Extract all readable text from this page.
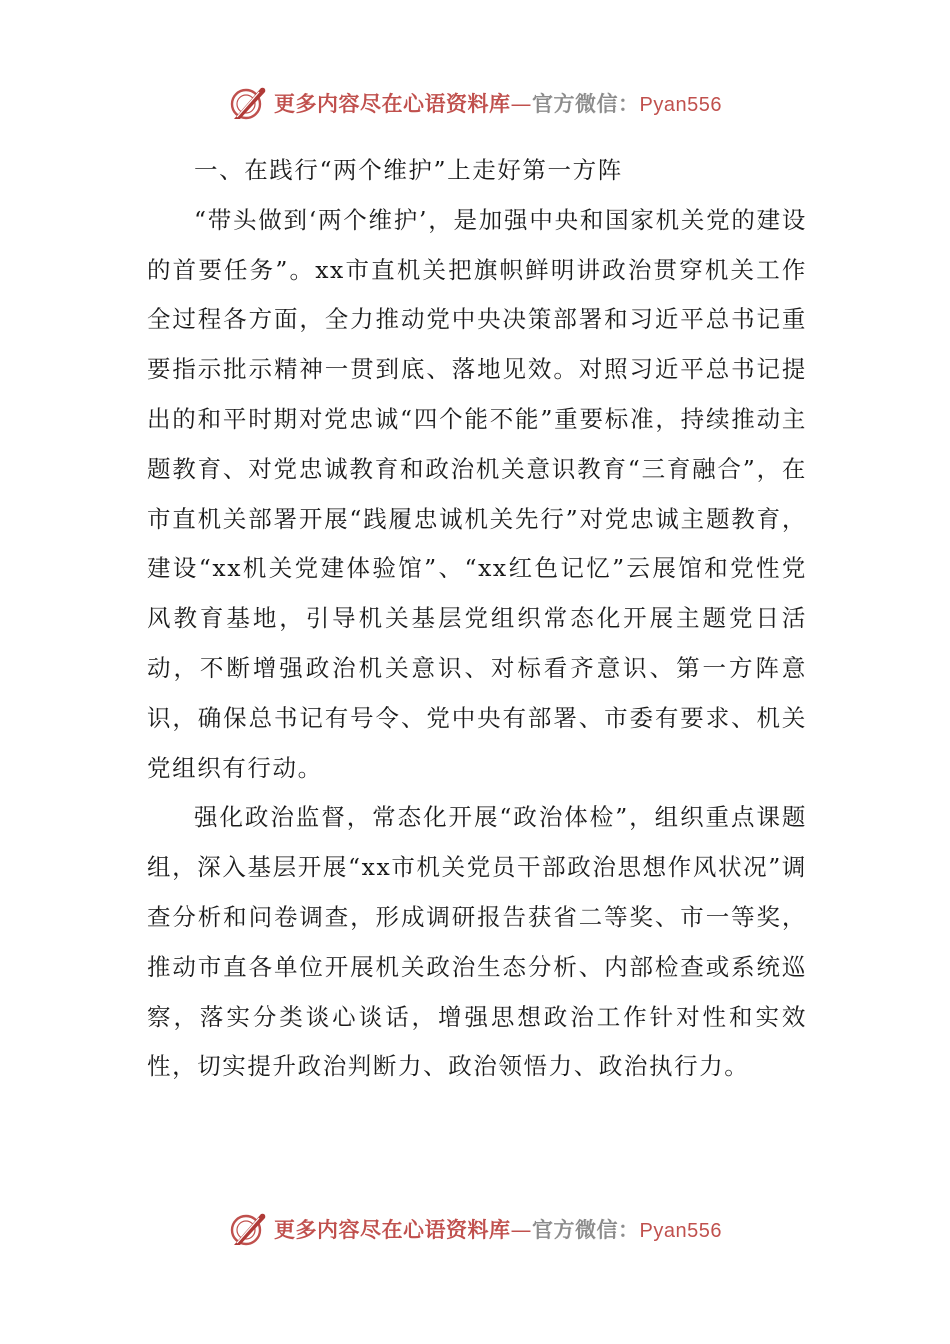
更多内容尽在心语资料库—官方微信：Pyan556

一、在践行“两个维护”上走好第一方阵

“带头做到‘两个维护’，是加强中央和国家机关党的建设的首要任务”。xx市直机关把旗帜鲜明讲政治贯穿机关工作全过程各方面，全力推动党中央决策部署和习近平总书记重要指示批示精神一贯到底、落地见效。对照习近平总书记提出的和平时期对党忠诚“四个能不能”重要标准，持续推动主题教育、对党忠诚教育和政治机关意识教育“三育融合”，在市直机关部署开展“践履忠诚机关先行”对党忠诚主题教育，建设“xx机关党建体验馆”、“xx红色记忆”云展馆和党性党风教育基地，引导机关基层党组织常态化开展主题党日活动，不断增强政治机关意识、对标看齐意识、第一方阵意识，确保总书记有号令、党中央有部署、市委有要求、机关党组织有行动。

强化政治监督，常态化开展“政治体检”，组织重点课题组，深入基层开展“xx市机关党员干部政治思想作风状况”调查分析和问卷调查，形成调研报告获省二等奖、市一等奖，推动市直各单位开展机关政治生态分析、内部检查或系统巡察，落实分类谈心谈话，增强思想政治工作针对性和实效性，切实提升政治判断力、政治领悟力、政治执行力。

更多内容尽在心语资料库—官方微信：Pyan556
